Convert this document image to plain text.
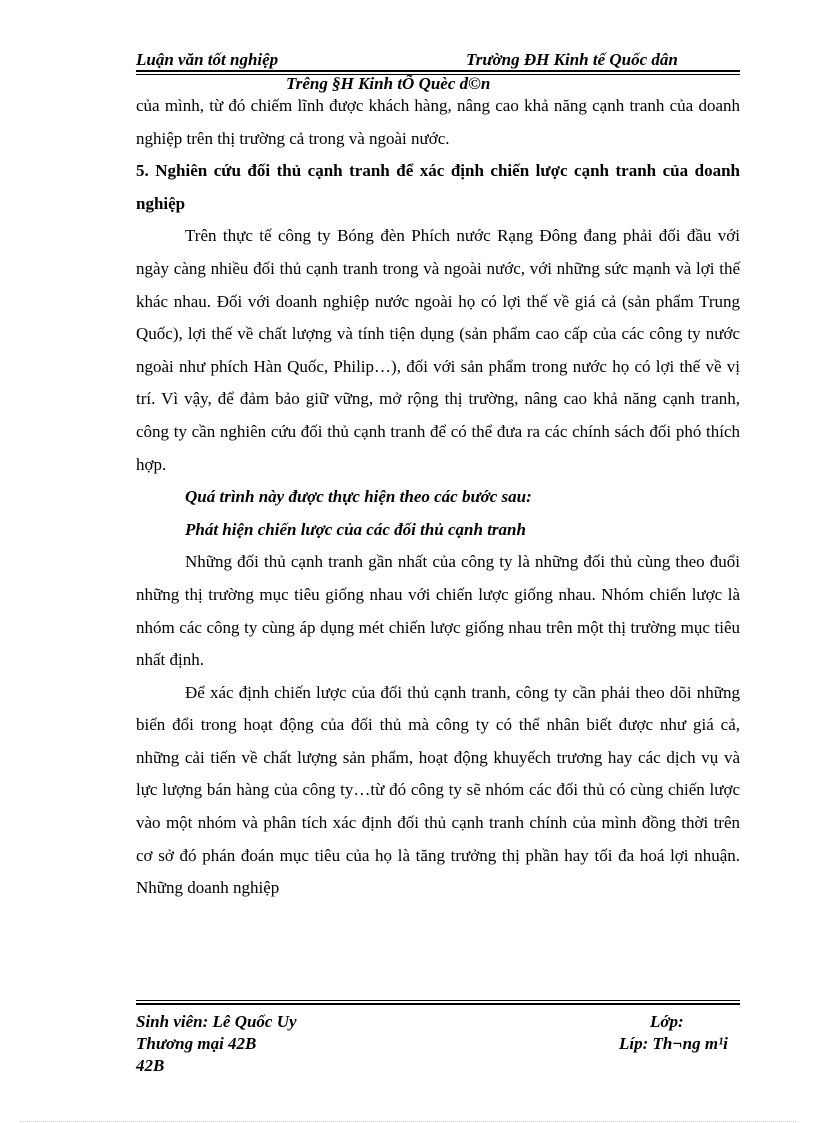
Luận văn tốt nghiệp	Trường ĐH Kinh tế Quốc dân
Trêng §H Kinh tÕ Quèc d©n

của mình, từ đó chiếm lĩnh được khách hàng, nâng cao khả năng cạnh tranh của doanh nghiệp trên thị trường cả trong và ngoài nước.

5. Nghiên cứu đối thủ cạnh tranh để xác định chiến lược cạnh tranh của doanh nghiệp

Trên thực tế công ty Bóng đèn Phích nước Rạng Đông đang phải đối đầu với ngày càng nhiều đối thủ cạnh tranh trong và ngoài nước, với những sức mạnh và lợi thế khác nhau. Đối với doanh nghiệp nước ngoài họ có lợi thế về giá cả (sản phẩm Trung Quốc), lợi thế về chất lượng và tính tiện dụng (sản phẩm cao cấp của các công ty nước ngoài như phích Hàn Quốc, Philip…), đối với sản phẩm trong nước họ có lợi thế về vị trí. Vì vậy, để đảm bảo giữ vững, mở rộng thị trường, nâng cao khả năng cạnh tranh, công ty cần nghiên cứu đối thủ cạnh tranh để có thể đưa ra các chính sách đối phó thích hợp.

Quá trình này được thực hiện theo các bước sau:

Phát hiện chiến lược của các đối thủ cạnh tranh

Những đối thủ cạnh tranh gần nhất của công ty là những đối thủ cùng theo đuổi những thị trường mục tiêu giống nhau với chiến lược giống nhau. Nhóm chiến lược là nhóm các công ty cùng áp dụng mét chiến lược giống nhau trên một thị trường mục tiêu nhất định.

Để xác định chiến lược của đối thủ cạnh tranh, công ty cần phải theo dõi những biến đổi trong hoạt động của đối thủ mà công ty có thể nhân biết được như giá cả, những cải tiến về chất lượng sản phẩm, hoạt động khuyếch trương hay các dịch vụ và lực lượng bán hàng của công ty…từ đó công ty sẽ nhóm các đối thủ có cùng chiến lược vào một nhóm và phân tích xác định đối thủ cạnh tranh chính của mình đồng thời trên cơ sở đó phán đoán mục tiêu của họ là tăng trưởng thị phần hay tối đa hoá lợi nhuận. Những doanh nghiệp

Sinh viên: Lê Quốc Uy	Lớp:
Thương mại 42B	Líp: Th¬ng m¹i
42B
